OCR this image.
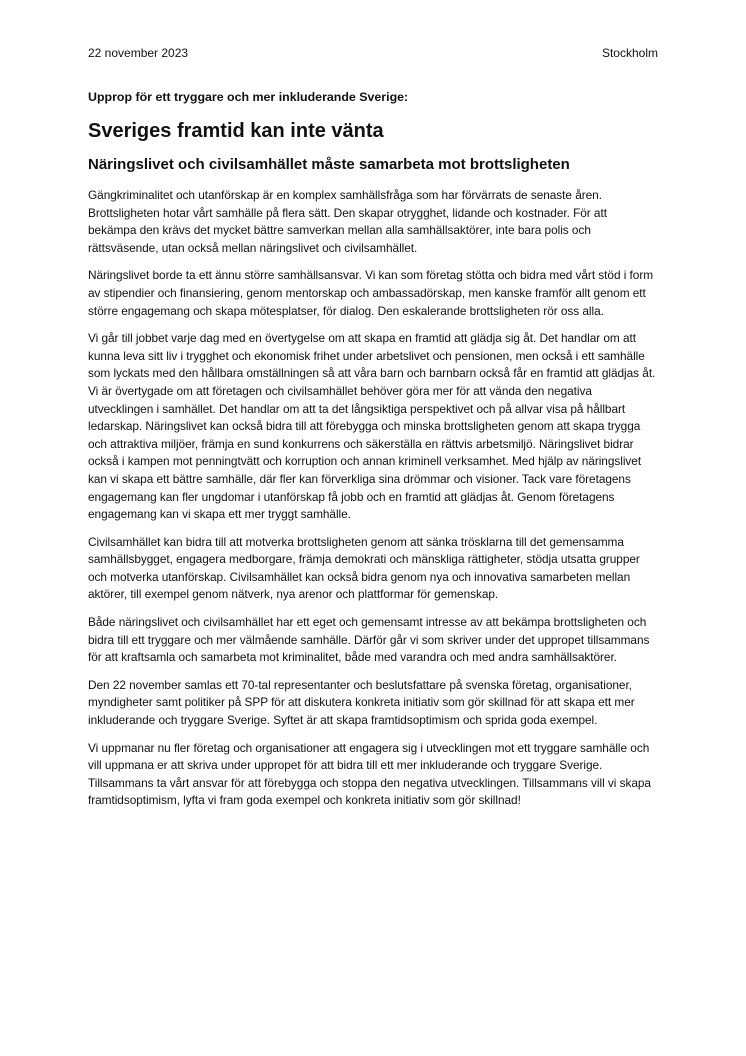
22 november 2023	Stockholm
Upprop för ett tryggare och mer inkluderande Sverige:
Sveriges framtid kan inte vänta
Näringslivet och civilsamhället måste samarbeta mot brottsligheten

Gängkriminalitet och utanförskap är en komplex samhällsfråga som har förvärrats de senaste åren. Brottsligheten hotar vårt samhälle på flera sätt. Den skapar otrygghet, lidande och kostnader. För att bekämpa den krävs det mycket bättre samverkan mellan alla samhällsaktörer, inte bara polis och rättsväsende, utan också mellan näringslivet och civilsamhället.

Näringslivet borde ta ett ännu större samhällsansvar. Vi kan som företag stötta och bidra med vårt stöd i form av stipendier och finansiering, genom mentorskap och ambassadörskap, men kanske framför allt genom ett större engagemang och skapa mötesplatser, för dialog. Den eskalerande brottsligheten rör oss alla.

Vi går till jobbet varje dag med en övertygelse om att skapa en framtid att glädja sig åt. Det handlar om att kunna leva sitt liv i trygghet och ekonomisk frihet under arbetslivet och pensionen, men också i ett samhälle som lyckats med den hållbara omställningen så att våra barn och barnbarn också får en framtid att glädjas åt. Vi är övertygade om att företagen och civilsamhället behöver göra mer för att vända den negativa utvecklingen i samhället. Det handlar om att ta det långsiktiga perspektivet och på allvar visa på hållbart ledarskap. Näringslivet kan också bidra till att förebygga och minska brottsligheten genom att skapa trygga och attraktiva miljöer, främja en sund konkurrens och säkerställa en rättvis arbetsmiljö. Näringslivet bidrar också i kampen mot penningtvätt och korruption och annan kriminell verksamhet. Med hjälp av näringslivet kan vi skapa ett bättre samhälle, där fler kan förverkliga sina drömmar och visioner. Tack vare företagens engagemang kan fler ungdomar i utanförskap få jobb och en framtid att glädjas åt. Genom företagens engagemang kan vi skapa ett mer tryggt samhälle.

Civilsamhället kan bidra till att motverka brottsligheten genom att sänka trösklarna till det gemensamma samhällsbygget, engagera medborgare, främja demokrati och mänskliga rättigheter, stödja utsatta grupper och motverka utanförskap. Civilsamhället kan också bidra genom nya och innovativa samarbeten mellan aktörer, till exempel genom nätverk, nya arenor och plattformar för gemenskap.

Både näringslivet och civilsamhället har ett eget och gemensamt intresse av att bekämpa brottsligheten och bidra till ett tryggare och mer välmående samhälle. Därför går vi som skriver under det uppropet tillsammans för att kraftsamla och samarbeta mot kriminalitet, både med varandra och med andra samhällsaktörer.

Den 22 november samlas ett 70-tal representanter och beslutsfattare på svenska företag, organisationer, myndigheter samt politiker på SPP för att diskutera konkreta initiativ som gör skillnad för att skapa ett mer inkluderande och tryggare Sverige. Syftet är att skapa framtidsoptimism och sprida goda exempel.

Vi uppmanar nu fler företag och organisationer att engagera sig i utvecklingen mot ett tryggare samhälle och vill uppmana er att skriva under uppropet för att bidra till ett mer inkluderande och tryggare Sverige. Tillsammans ta vårt ansvar för att förebygga och stoppa den negativa utvecklingen. Tillsammans vill vi skapa framtidsoptimism, lyfta vi fram goda exempel och konkreta initiativ som gör skillnad!
